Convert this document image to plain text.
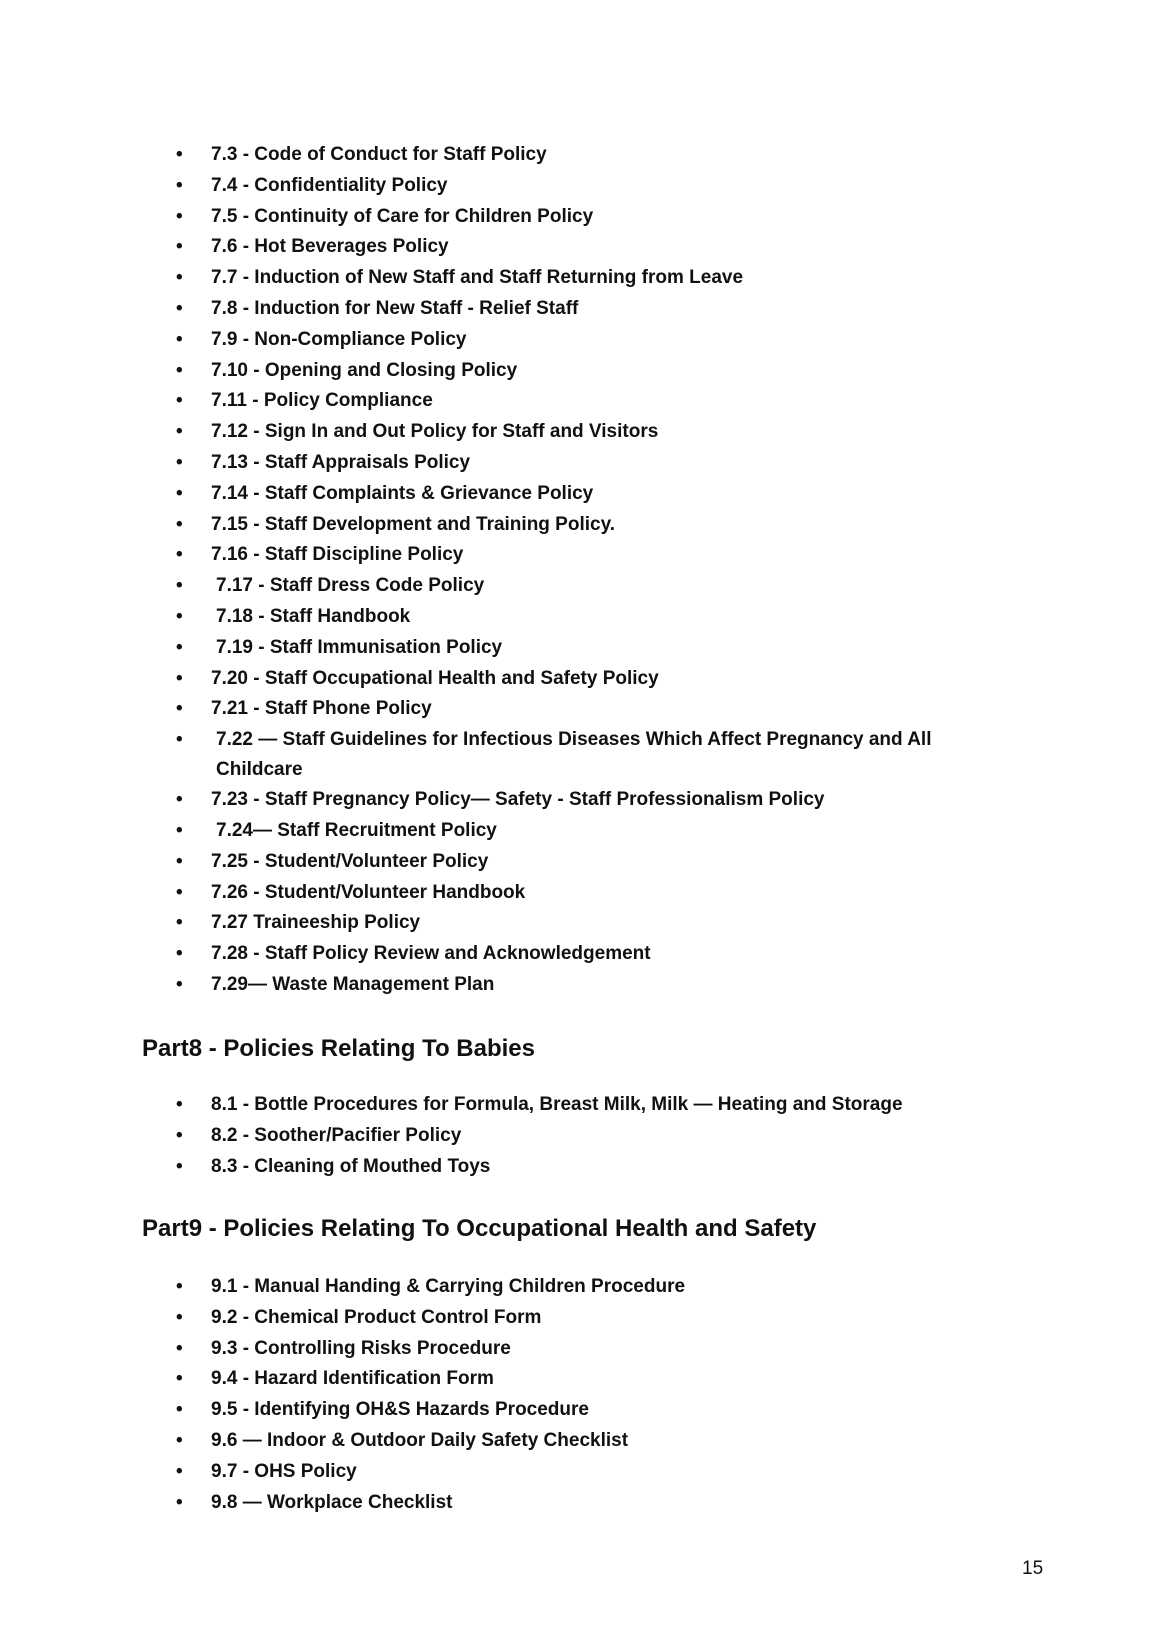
• 7.3 - Code of Conduct for Staff Policy
• 7.4 - Confidentiality Policy
• 7.5 - Continuity of Care for Children Policy
• 7.6 - Hot Beverages Policy
• 7.7 - Induction of New Staff and Staff Returning from Leave
• 7.8 - Induction for New Staff - Relief Staff
• 7.9 - Non-Compliance Policy
• 7.10 - Opening and Closing Policy
• 7.11 - Policy Compliance
• 7.12 - Sign In and Out Policy for Staff and Visitors
• 7.13 - Staff Appraisals Policy
• 7.14 - Staff Complaints & Grievance Policy
• 7.15 - Staff Development and Training Policy.
• 7.16 - Staff Discipline Policy
• 7.17 - Staff Dress Code Policy
• 7.18 - Staff Handbook
• 7.19 - Staff Immunisation Policy
• 7.20 - Staff Occupational Health and Safety Policy
• 7.21 - Staff Phone Policy
• 7.22 — Staff Guidelines for Infectious Diseases Which Affect Pregnancy and All Childcare
• 7.23 - Staff Pregnancy Policy— Safety - Staff Professionalism Policy
• 7.24— Staff Recruitment Policy
• 7.25 - Student/Volunteer Policy
• 7.26 - Student/Volunteer Handbook
• 7.27 Traineeship Policy
• 7.28 - Staff Policy Review and Acknowledgement
• 7.29— Waste Management Plan
Part8 - Policies Relating To Babies
• 8.1 - Bottle Procedures for Formula, Breast Milk, Milk — Heating and Storage
• 8.2 - Soother/Pacifier Policy
• 8.3 - Cleaning of Mouthed Toys
Part9 - Policies Relating To Occupational Health and Safety
• 9.1 - Manual Handing & Carrying Children Procedure
• 9.2 - Chemical Product Control Form
• 9.3 - Controlling Risks Procedure
• 9.4 - Hazard Identification Form
• 9.5 - Identifying OH&S Hazards Procedure
• 9.6 — Indoor & Outdoor Daily Safety Checklist
• 9.7 - OHS Policy
• 9.8 — Workplace Checklist
15
